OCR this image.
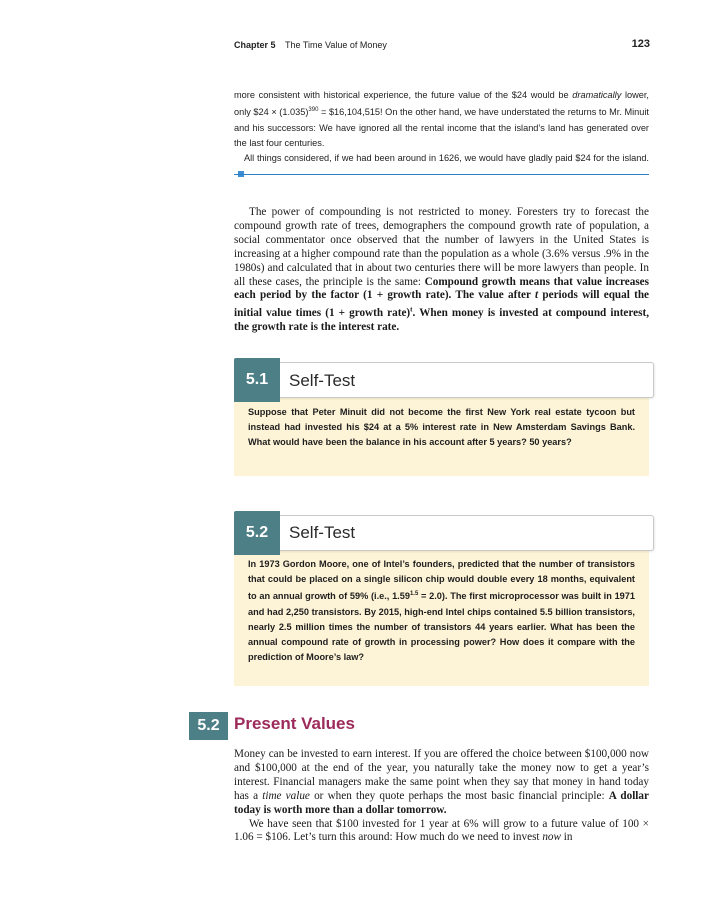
Chapter 5 The Time Value of Money	123

more consistent with historical experience, the future value of the $24 would be dramatically lower, only $24 × $(1.035)^{390}$ = $16,104,515! On the other hand, we have understated the returns to Mr. Minuit and his successors: We have ignored all the rental income that the island’s land has generated over the last four centuries.

All things considered, if we had been around in 1626, we would have gladly paid $24 for the island.

The power of compounding is not restricted to money. Foresters try to forecast the compound growth rate of trees, demographers the compound growth rate of population, a social commentator once observed that the number of lawyers in the United States is increasing at a higher compound rate than the population as a whole (3.6% versus .9% in the 1980s) and calculated that in about two centuries there will be more lawyers than people. In all these cases, the principle is the same: Compound growth means that value increases each period by the factor (1 + growth rate). The value after t periods will equal the initial value times (1 + growth rate)$^t$. When money is invested at compound interest, the growth rate is the interest rate.

5.1	Self-Test
Suppose that Peter Minuit did not become the first New York real estate tycoon but instead had invested his $24 at a 5% interest rate in New Amsterdam Savings Bank. What would have been the balance in his account after 5 years? 50 years?
5.2	Self-Test
In 1973 Gordon Moore, one of Intel’s founders, predicted that the number of transistors that could be placed on a single silicon chip would double every 18 months, equivalent to an annual growth of 59% (i.e., $1.59^{1.5} = 2.0$). The first microprocessor was built in 1971 and had 2,250 transistors. By 2015, high-end Intel chips contained 5.5 billion transistors, nearly 2.5 million times the number of transistors 44 years earlier. What has been the annual compound rate of growth in processing power? How does it compare with the prediction of Moore’s law?
5.2 Present Values

Money can be invested to earn interest. If you are offered the choice between $100,000 now and $100,000 at the end of the year, you naturally take the money now to get a year’s interest. Financial managers make the same point when they say that money in hand today has a time value or when they quote perhaps the most basic financial principle: A dollar today is worth more than a dollar tomorrow.

We have seen that $100 invested for 1 year at 6% will grow to a future value of 100 × 1.06 = $106. Let’s turn this around: How much do we need to invest now in
